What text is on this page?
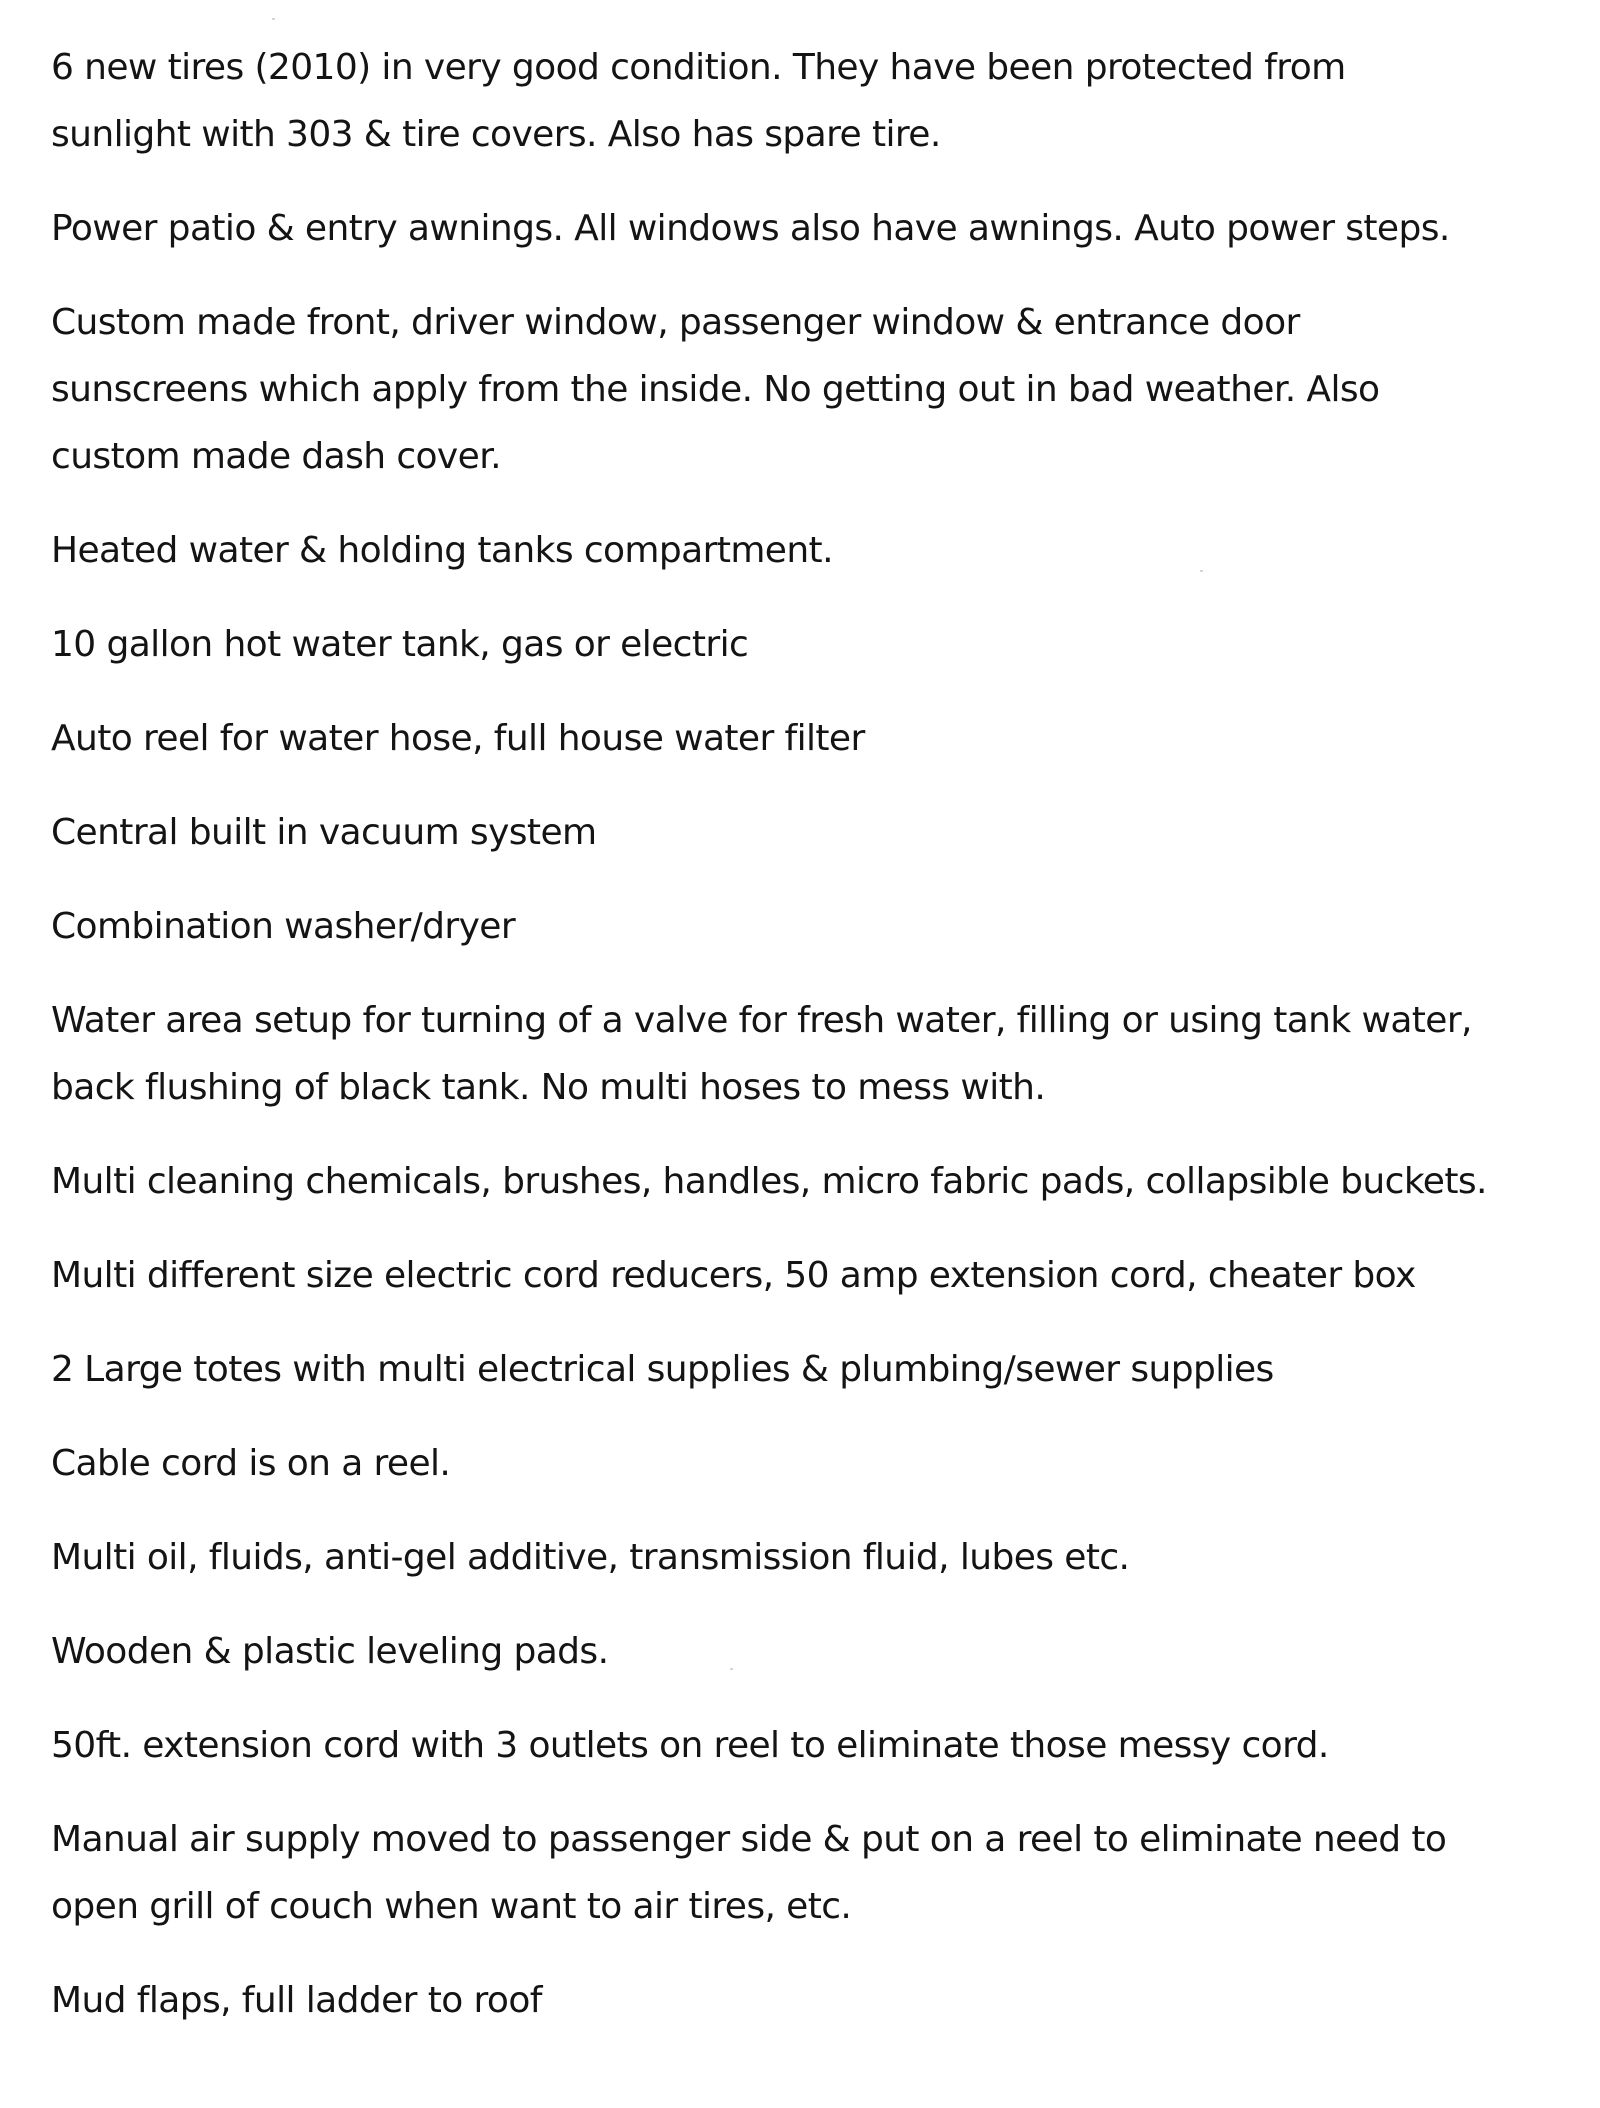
6 new tires (2010) in very good condition. They have been protected from
sunlight with 303 & tire covers. Also has spare tire.
Power patio & entry awnings. All windows also have awnings. Auto power steps.
Custom made front, driver window, passenger window & entrance door
sunscreens which apply from the inside. No getting out in bad weather. Also
custom made dash cover.
Heated water & holding tanks compartment.
10 gallon hot water tank, gas or electric
Auto reel for water hose, full house water filter
Central built in vacuum system
Combination washer/dryer
Water area setup for turning of a valve for fresh water, filling or using tank water,
back flushing of black tank. No multi hoses to mess with.
Multi cleaning chemicals, brushes, handles, micro fabric pads, collapsible buckets.
Multi different size electric cord reducers, 50 amp extension cord, cheater box
2 Large totes with multi electrical supplies & plumbing/sewer supplies
Cable cord is on a reel.
Multi oil, fluids, anti-gel additive, transmission fluid, lubes etc.
Wooden & plastic leveling pads.
50ft. extension cord with 3 outlets on reel to eliminate those messy cord.
Manual air supply moved to passenger side & put on a reel to eliminate need to
open grill of couch when want to air tires, etc.
Mud flaps, full ladder to roof
